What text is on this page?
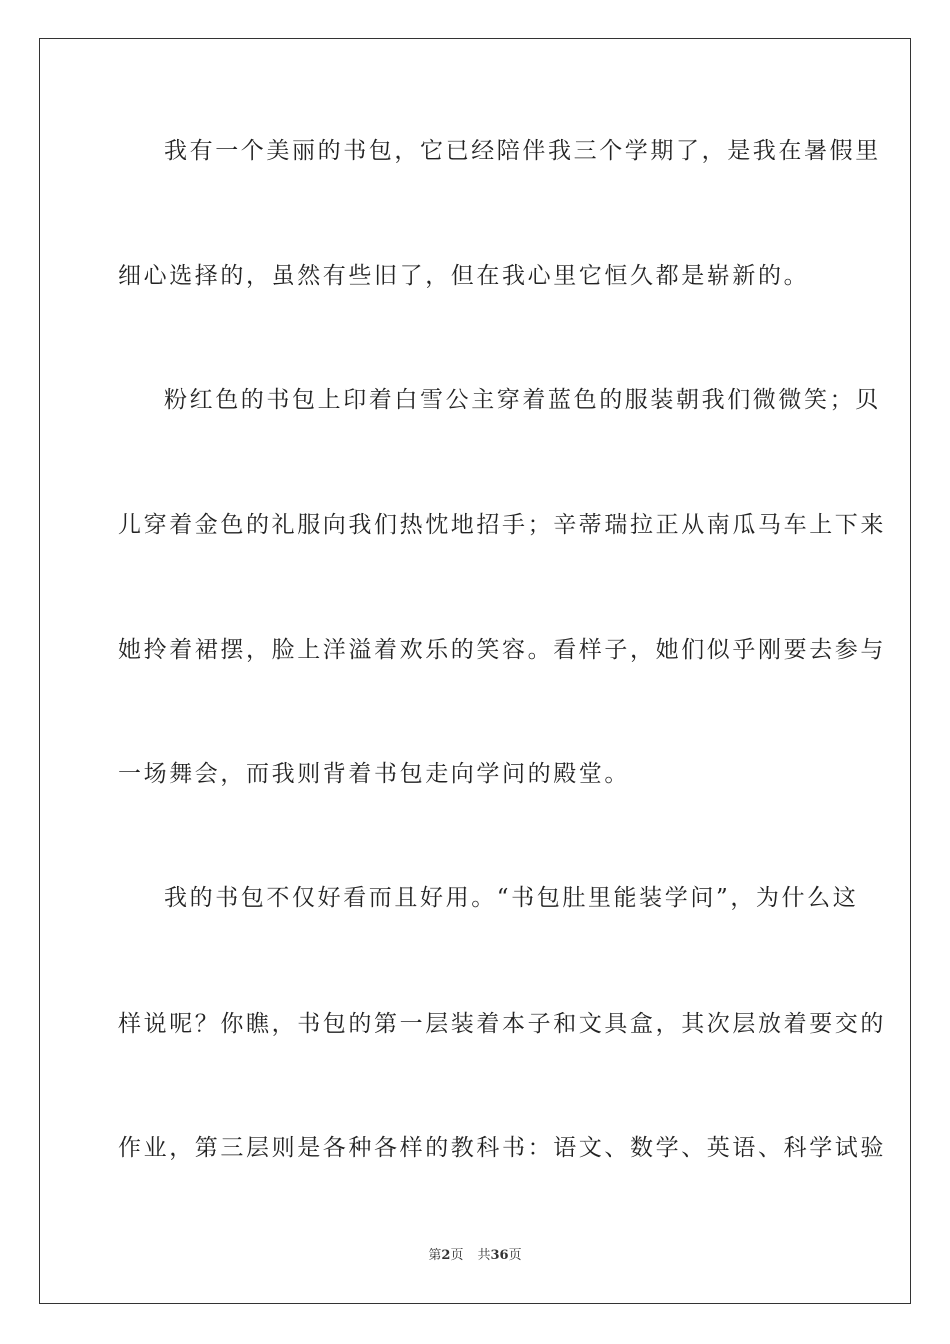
我有一个美丽的书包，它已经陪伴我三个学期了，是我在暑假里
细心选择的，虽然有些旧了，但在我心里它恒久都是崭新的。
粉红色的书包上印着白雪公主穿着蓝色的服装朝我们微微笑；贝
儿穿着金色的礼服向我们热忱地招手；辛蒂瑞拉正从南瓜马车上下来
她拎着裙摆，脸上洋溢着欢乐的笑容。看样子，她们似乎刚要去参与
一场舞会，而我则背着书包走向学问的殿堂。
我的书包不仅好看而且好用。“书包肚里能装学问”，为什么这
样说呢？你瞧，书包的第一层装着本子和文具盒，其次层放着要交的
作业，第三层则是各种各样的教科书：语文、数学、英语、科学试验
第2页 共36页
